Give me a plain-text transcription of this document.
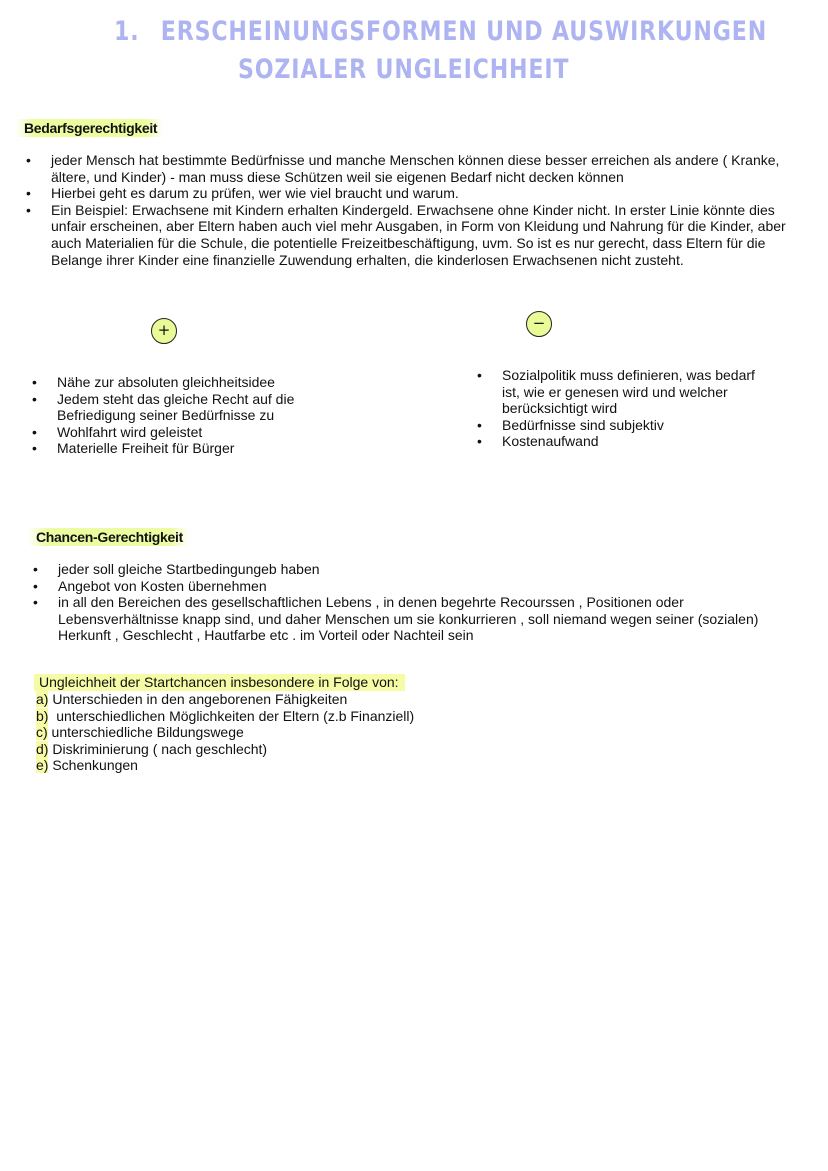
1. ERSCHEINUNGSFORMEN UND AUSWIRKUNGEN
SOZIALER UNGLEICHHEIT
Bedarfsgerechtigkeit
• jeder Mensch hat bestimmte Bedürfnisse und manche Menschen können diese besser erreichen als andere ( Kranke, ältere, und Kinder) - man muss diese Schützen weil sie eigenen Bedarf nicht decken können
• Hierbei geht es darum zu prüfen, wer wie viel braucht und warum.
• Ein Beispiel: Erwachsene mit Kindern erhalten Kindergeld. Erwachsene ohne Kinder nicht. In erster Linie könnte dies unfair erscheinen, aber Eltern haben auch viel mehr Ausgaben, in Form von Kleidung und Nahrung für die Kinder, aber auch Materialien für die Schule, die potentielle Freizeitbeschäftigung, uvm. So ist es nur gerecht, dass Eltern für die Belange ihrer Kinder eine finanzielle Zuwendung erhalten, die kinderlosen Erwachsenen nicht zusteht.
+	−
• Nähe zur absoluten gleichheitsidee
• Jedem steht das gleiche Recht auf die Befriedigung seiner Bedürfnisse zu
• Wohlfahrt wird geleistet
• Materielle Freiheit für Bürger
• Sozialpolitik muss definieren, was bedarf ist, wie er genesen wird und welcher berücksichtigt wird
• Bedürfnisse sind subjektiv
• Kostenaufwand
Chancen-Gerechtigkeit
• jeder soll gleiche Startbedingungeb haben
• Angebot von Kosten übernehmen
• in all den Bereichen des gesellschaftlichen Lebens , in denen begehrte Recourssen , Positionen oder Lebensverhältnisse knapp sind, und daher Menschen um sie konkurrieren , soll niemand wegen seiner (sozialen) Herkunft , Geschlecht , Hautfarbe etc . im Vorteil oder Nachteil sein
Ungleichheit der Startchancen insbesondere in Folge von:
a) Unterschieden in den angeborenen Fähigkeiten
b)  unterschiedlichen Möglichkeiten der Eltern (z.b Finanziell)
c) unterschiedliche Bildungswege
d) Diskriminierung ( nach geschlecht)
e) Schenkungen
